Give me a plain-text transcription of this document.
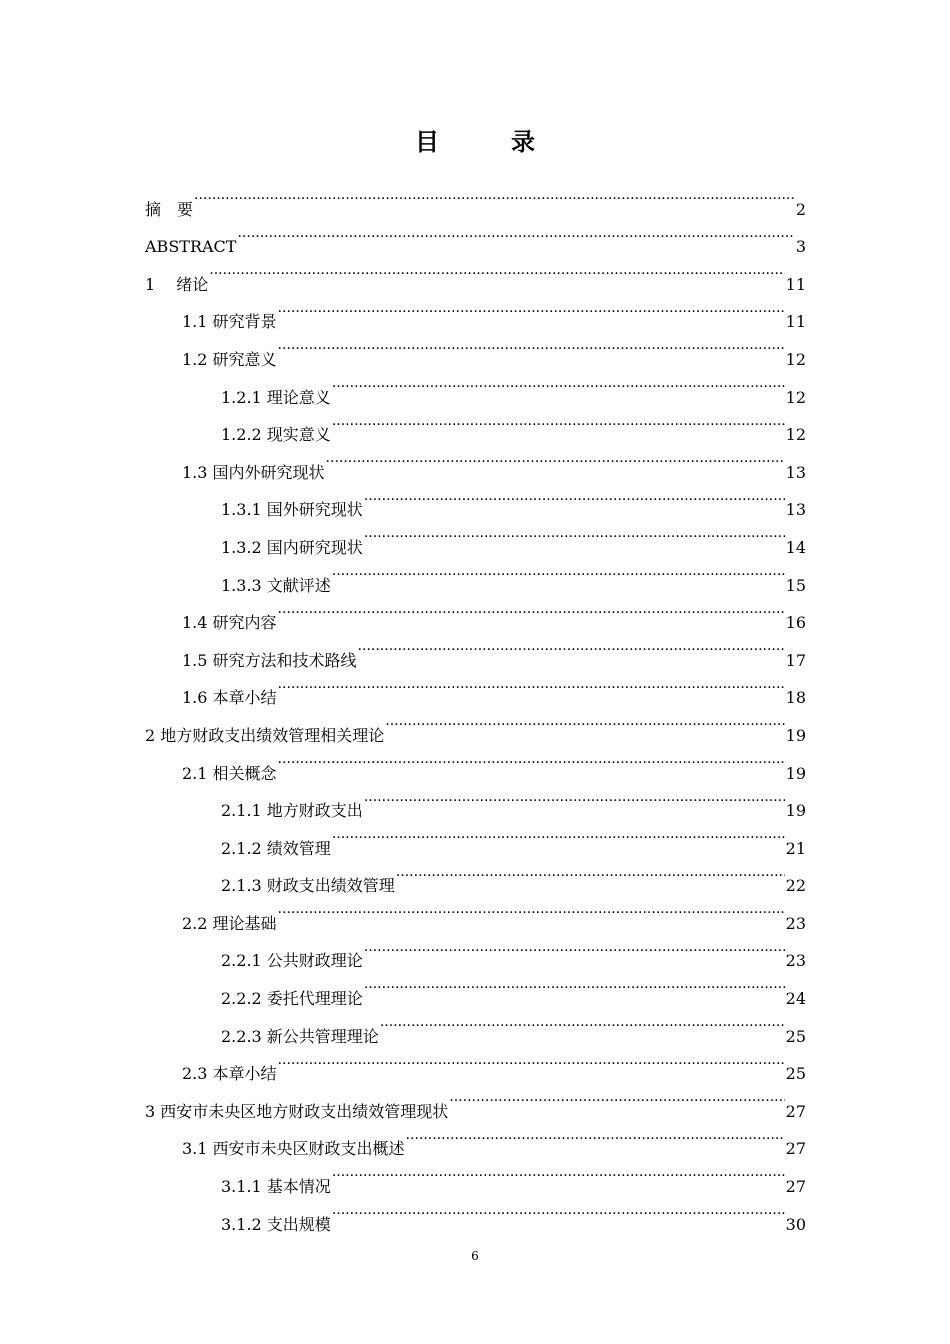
目　录
摘　要 .....	2
ABSTRACT .....	3
1　 绪论 .....	11
1.1 研究背景 .....	11
1.2 研究意义 .....	12
1.2.1 理论意义 .....	12
1.2.2 现实意义 .....	12
1.3 国内外研究现状 .....	13
1.3.1 国外研究现状 .....	13
1.3.2 国内研究现状 .....	14
1.3.3 文献评述 .....	15
1.4 研究内容 .....	16
1.5 研究方法和技术路线 .....	17
1.6 本章小结 .....	18
2 地方财政支出绩效管理相关理论 .....	19
2.1 相关概念 .....	19
2.1.1 地方财政支出 .....	19
2.1.2 绩效管理 .....	21
2.1.3 财政支出绩效管理 .....	22
2.2 理论基础 .....	23
2.2.1 公共财政理论 .....	23
2.2.2 委托代理理论 .....	24
2.2.3 新公共管理理论 .....	25
2.3 本章小结 .....	25
3 西安市未央区地方财政支出绩效管理现状 .....	27
3.1 西安市未央区财政支出概述 .....	27
3.1.1 基本情况 .....	27
3.1.2 支出规模 .....	30
6
